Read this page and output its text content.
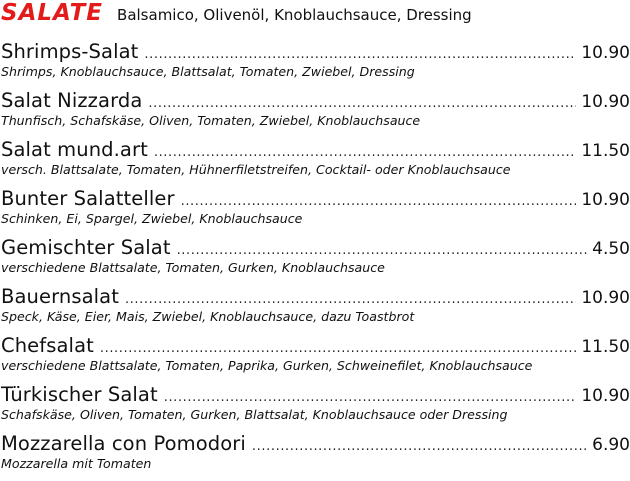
SALATE Balsamico, Olivenöl, Knoblauchsauce, Dressing
Shrimps-Salat .....	10.90
Shrimps, Knoblauchsauce, Blattsalat, Tomaten, Zwiebel, Dressing
Salat Nizzarda .....	10.90
Thunfisch, Schafskäse, Oliven, Tomaten, Zwiebel, Knoblauchsauce
Salat mund.art .....	11.50
versch. Blattsalate, Tomaten, Hühnerfiletstreifen, Cocktail- oder Knoblauchsauce
Bunter Salatteller .....	10.90
Schinken, Ei, Spargel, Zwiebel, Knoblauchsauce
Gemischter Salat .....	4.50
verschiedene Blattsalate, Tomaten, Gurken, Knoblauchsauce
Bauernsalat .....	10.90
Speck, Käse, Eier, Mais, Zwiebel, Knoblauchsauce, dazu Toastbrot
Chefsalat .....	11.50
verschiedene Blattsalate, Tomaten, Paprika, Gurken, Schweinefilet, Knoblauchsauce
Türkischer Salat .....	10.90
Schafskäse, Oliven, Tomaten, Gurken, Blattsalat, Knoblauchsauce oder Dressing
Mozzarella con Pomodori .....	6.90
Mozzarella mit Tomaten
